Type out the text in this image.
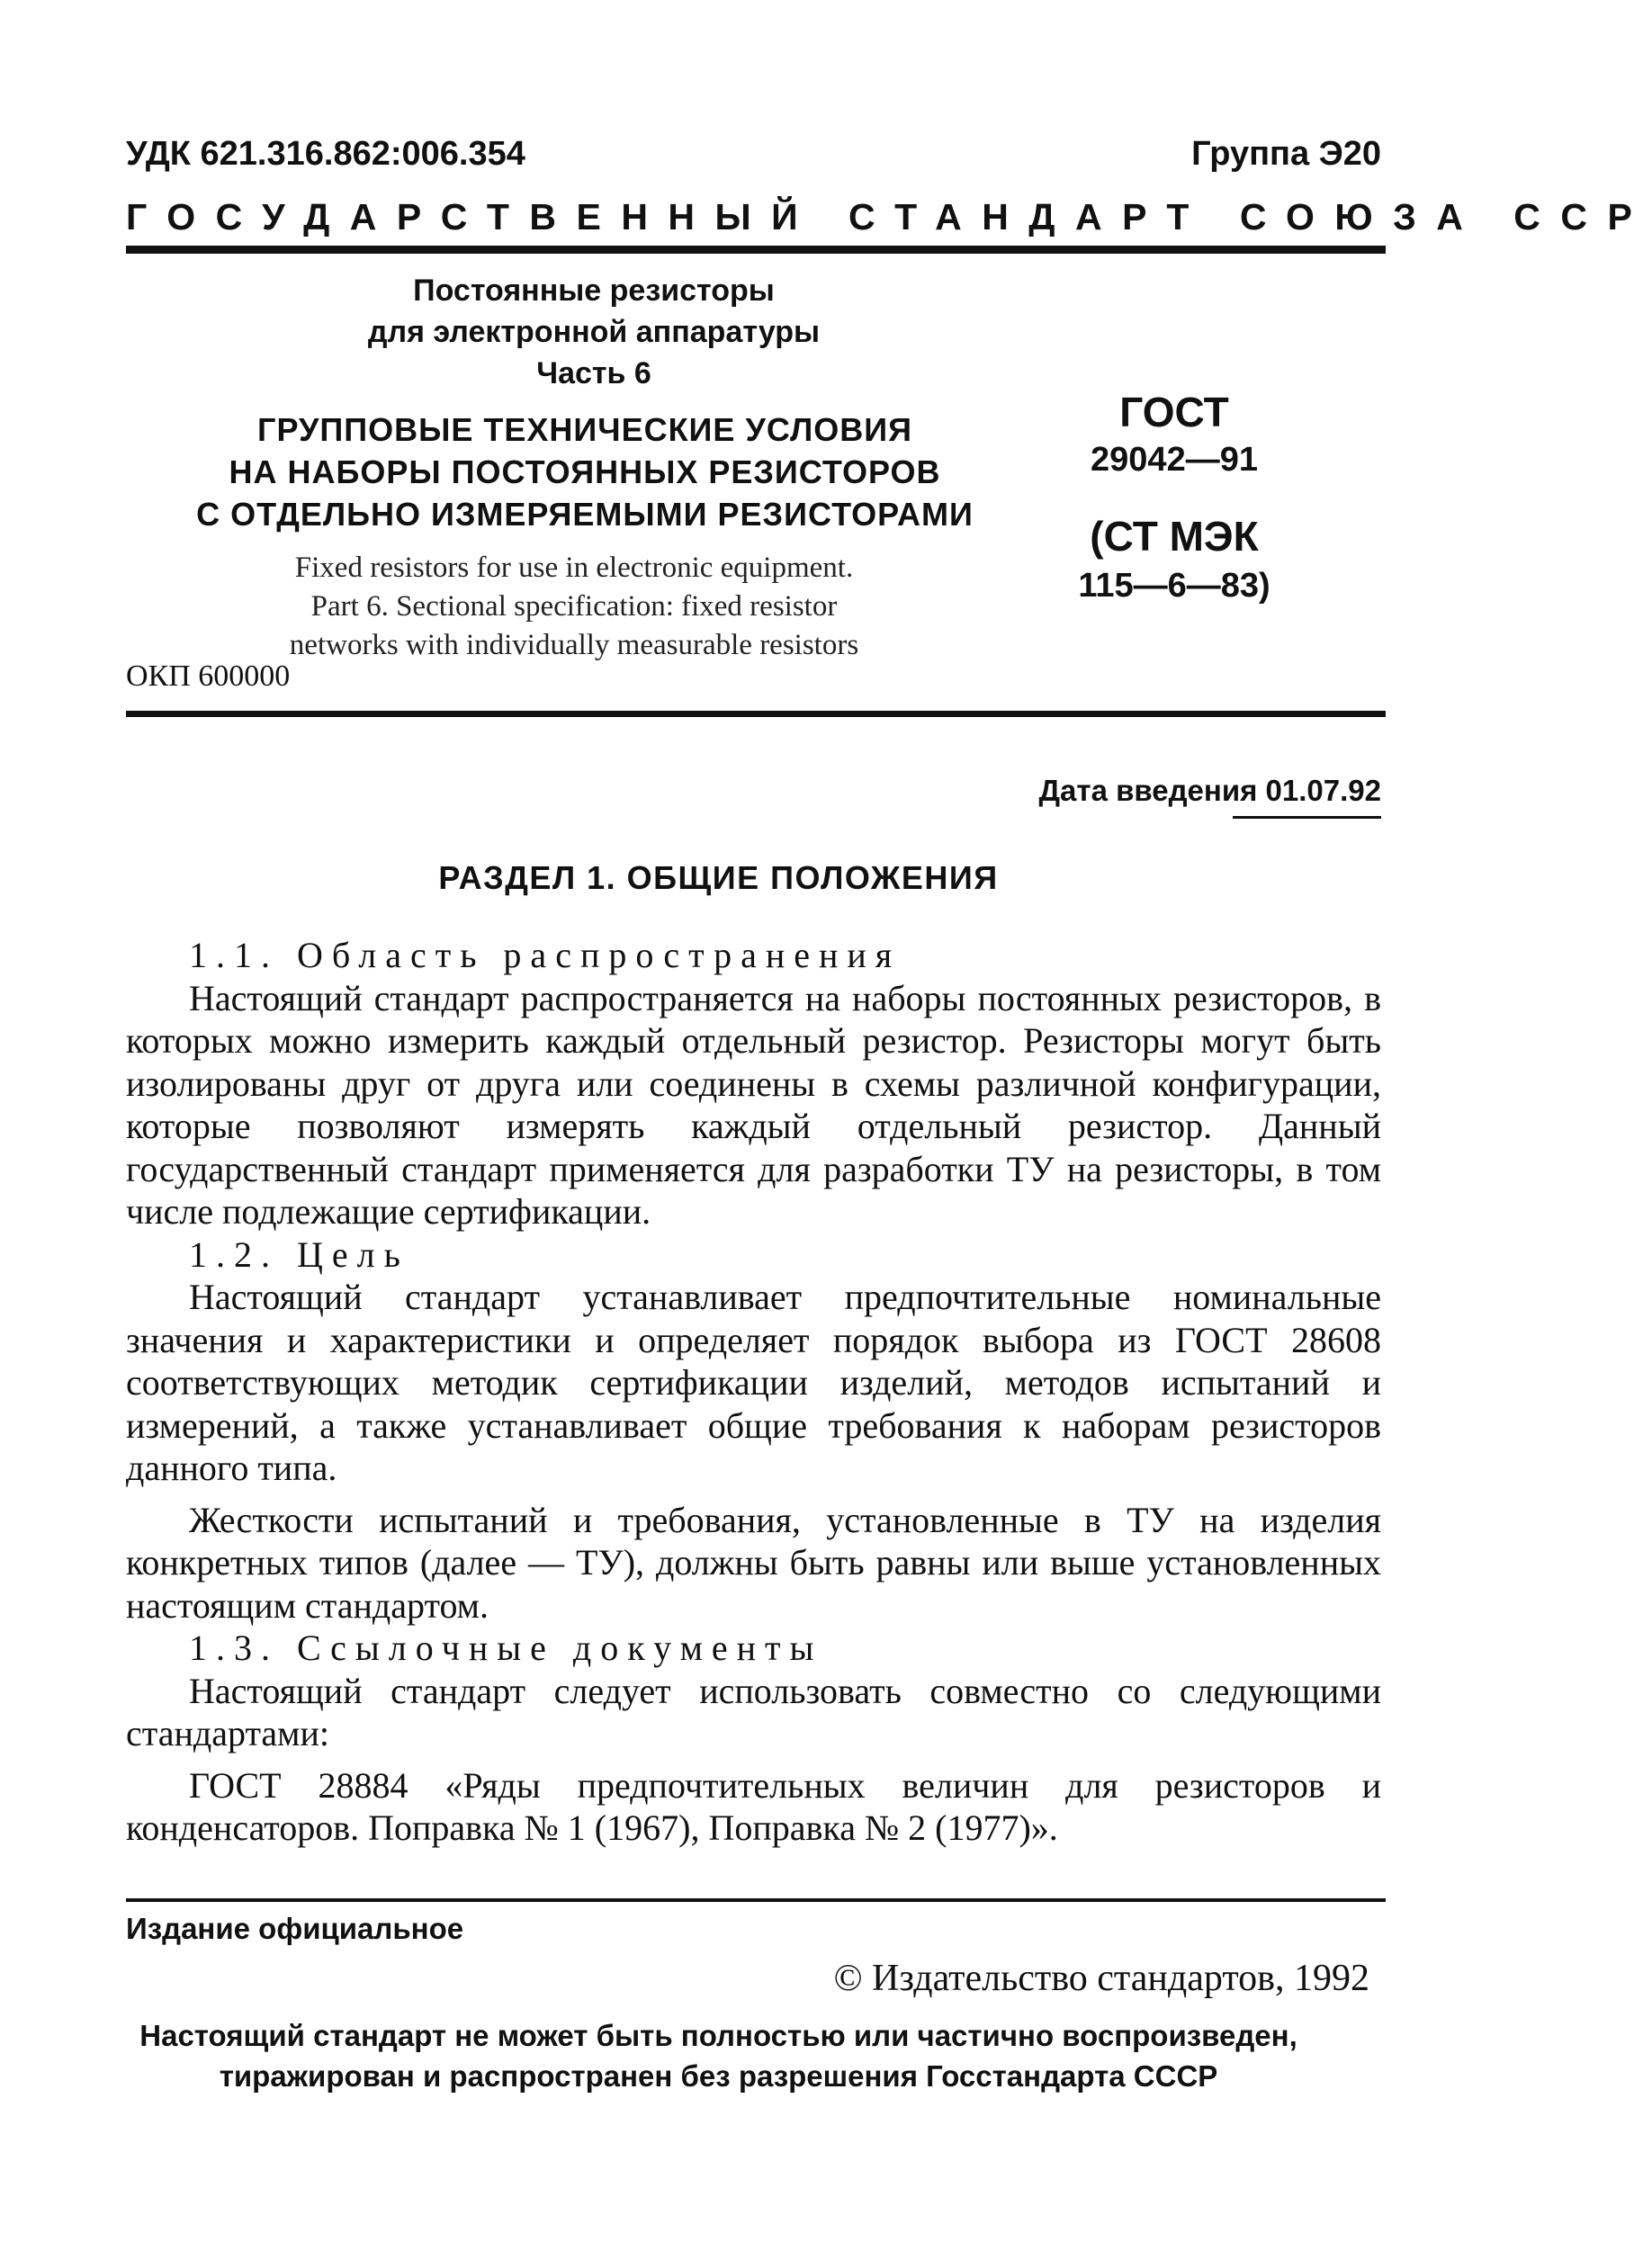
УДК 621.316.862:006.354	Группа Э20
ГОСУДАРСТВЕННЫЙ СТАНДАРТ СОЮЗА ССР
Постоянные резисторы
для электронной аппаратуры
Часть 6
ГРУППОВЫЕ ТЕХНИЧЕСКИЕ УСЛОВИЯ
НА НАБОРЫ ПОСТОЯННЫХ РЕЗИСТОРОВ
С ОТДЕЛЬНО ИЗМЕРЯЕМЫМИ РЕЗИСТОРАМИ
Fixed resistors for use in electronic equipment.
Part 6. Sectional specification: fixed resistor
networks with individually measurable resistors
ОКП 600000
ГОСТ
29042—91
(СТ МЭК
115—6—83)
Дата введения 01.07.92
РАЗДЕЛ 1. ОБЩИЕ ПОЛОЖЕНИЯ

1.1. Область распространения

Настоящий стандарт распространяется на наборы постоянных резисторов, в которых можно измерить каждый отдельный резистор. Резисторы могут быть изолированы друг от друга или соединены в схемы различной конфигурации, которые позволяют измерять каждый отдельный резистор. Данный государственный стандарт применяется для разработки ТУ на резисторы, в том числе подлежащие сертификации.

1.2. Цель

Настоящий стандарт устанавливает предпочтительные номинальные значения и характеристики и определяет порядок выбора из ГОСТ 28608 соответствующих методик сертификации изделий, методов испытаний и измерений, а также устанавливает общие требования к наборам резисторов данного типа.

Жесткости испытаний и требования, установленные в ТУ на изделия конкретных типов (далее — ТУ), должны быть равны или выше установленных настоящим стандартом.

1.3. Ссылочные документы

Настоящий стандарт следует использовать совместно со следующими стандартами:

ГОСТ 28884 «Ряды предпочтительных величин для резисторов и конденсаторов. Поправка № 1 (1967), Поправка № 2 (1977)».

Издание официальное
© Издательство стандартов, 1992
Настоящий стандарт не может быть полностью или частично воспроизведен,
тиражирован и распространен без разрешения Госстандарта СССР
